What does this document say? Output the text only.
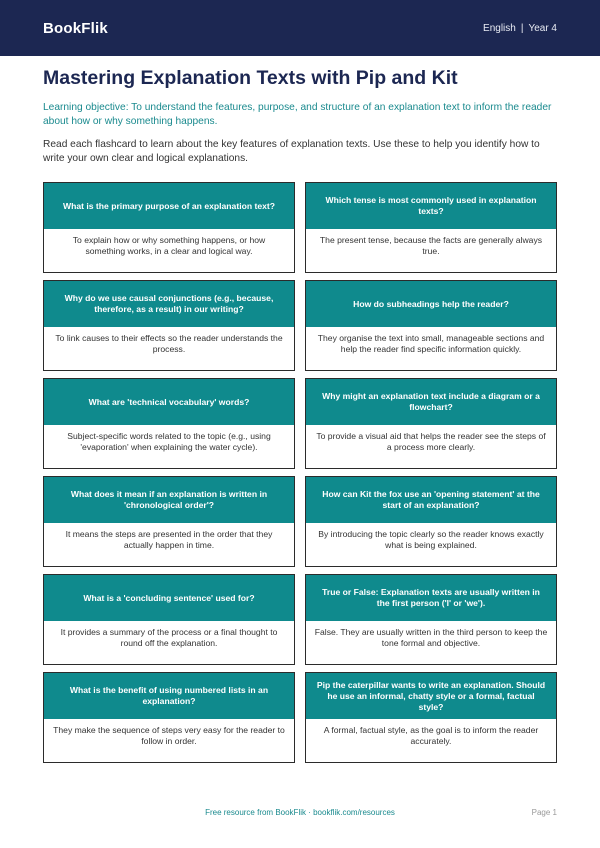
BookFlik	English | Year 4
Mastering Explanation Texts with Pip and Kit

Learning objective: To understand the features, purpose, and structure of an explanation text to inform the reader about how or why something happens.

Read each flashcard to learn about the key features of explanation texts. Use these to help you identify how to write your own clear and logical explanations.

What is the primary purpose of an explanation text?
To explain how or why something happens, or how something works, in a clear and logical way.
Which tense is most commonly used in explanation texts?
The present tense, because the facts are generally always true.
Why do we use causal conjunctions (e.g., because, therefore, as a result) in our writing?
To link causes to their effects so the reader understands the process.
How do subheadings help the reader?
They organise the text into small, manageable sections and help the reader find specific information quickly.
What are 'technical vocabulary' words?
Subject-specific words related to the topic (e.g., using 'evaporation' when explaining the water cycle).
Why might an explanation text include a diagram or a flowchart?
To provide a visual aid that helps the reader see the steps of a process more clearly.
What does it mean if an explanation is written in 'chronological order'?
It means the steps are presented in the order that they actually happen in time.
How can Kit the fox use an 'opening statement' at the start of an explanation?
By introducing the topic clearly so the reader knows exactly what is being explained.
What is a 'concluding sentence' used for?
It provides a summary of the process or a final thought to round off the explanation.
True or False: Explanation texts are usually written in the first person ('I' or 'we').
False. They are usually written in the third person to keep the tone formal and objective.
What is the benefit of using numbered lists in an explanation?
They make the sequence of steps very easy for the reader to follow in order.
Pip the caterpillar wants to write an explanation. Should he use an informal, chatty style or a formal, factual style?
A formal, factual style, as the goal is to inform the reader accurately.
Free resource from BookFlik · bookflik.com/resources	Page 1
